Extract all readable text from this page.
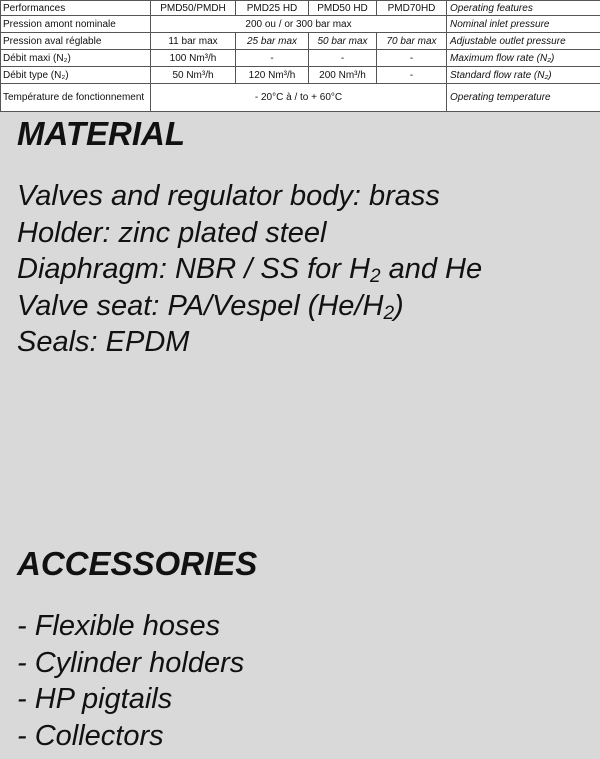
Performances	PMD50/PMDH	PMD25 HD	PMD50 HD	PMD70HD	Operating features
Pression amont nominale	200 ou / or 300 bar max				Nominal inlet pressure
Pression aval réglable	11 bar max	25 bar max	50 bar max	70 bar max	Adjustable outlet pressure
Débit maxi (N₂)	100 Nm³/h	-	-	-	Maximum flow rate (N₂)
Débit type (N₂)	50 Nm³/h	120 Nm³/h	200 Nm³/h	-	Standard flow rate (N₂)
Température de fonctionnement	- 20°C à / to + 60°C				Operating temperature
MATERIAL
Valves and regulator body: brass
Holder: zinc plated steel
Diaphragm: NBR / SS for $H_2$ and He
Valve seat: PA/Vespel $(He/H_2)$
Seals: EPDM
ACCESSORIES
- Flexible hoses
- Cylinder holders
- HP pigtails
- Collectors
